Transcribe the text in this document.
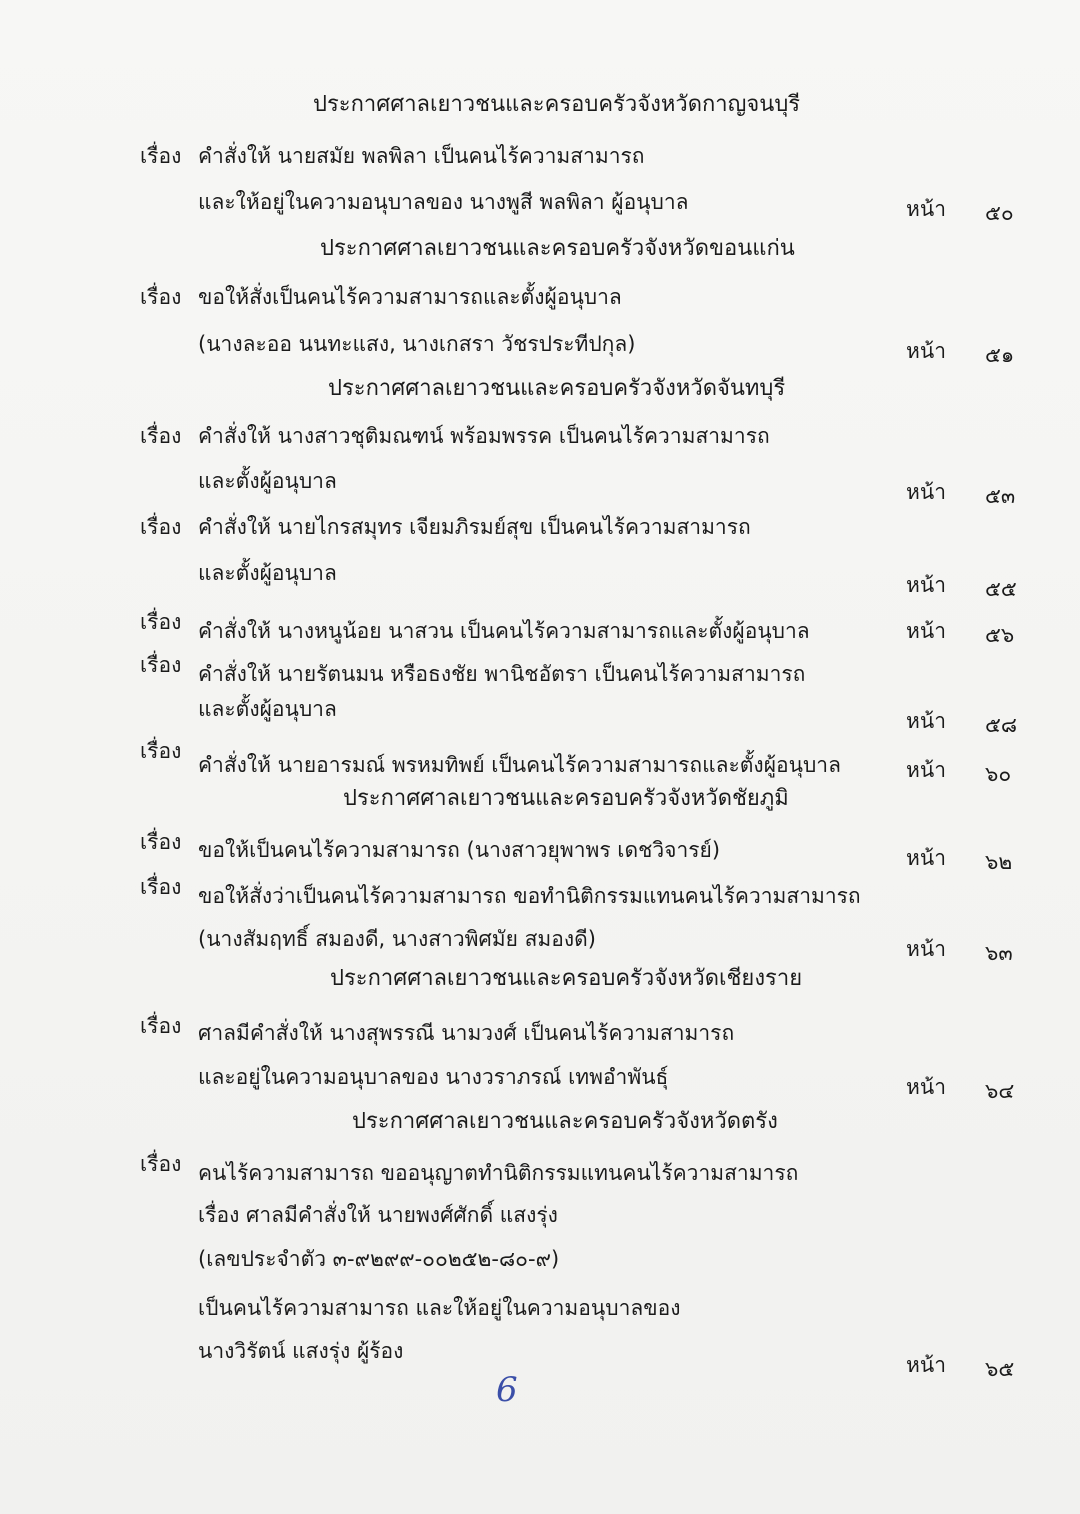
ประกาศศาลเยาวชนและครอบครัวจังหวัดกาญจนบุรี
เรื่อง คำสั่งให้ นายสมัย พลพิลา เป็นคนไร้ความสามารถ
และให้อยู่ในความอนุบาลของ นางพูสี พลพิลา ผู้อนุบาล	หน้า ๕๐
ประกาศศาลเยาวชนและครอบครัวจังหวัดขอนแก่น
เรื่อง ขอให้สั่งเป็นคนไร้ความสามารถและตั้งผู้อนุบาล
(นางละออ นนทะแสง, นางเกสรา วัชรประทีปกุล)	หน้า ๕๑
ประกาศศาลเยาวชนและครอบครัวจังหวัดจันทบุรี
เรื่อง คำสั่งให้ นางสาวชุติมณฑน์ พร้อมพรรค เป็นคนไร้ความสามารถ
และตั้งผู้อนุบาล	หน้า ๕๓
เรื่อง คำสั่งให้ นายไกรสมุทร เจียมภิรมย์สุข เป็นคนไร้ความสามารถ
และตั้งผู้อนุบาล	หน้า ๕๕
เรื่อง คำสั่งให้ นางหนูน้อย นาสวน เป็นคนไร้ความสามารถและตั้งผู้อนุบาล	หน้า ๕๖
เรื่อง คำสั่งให้ นายรัตนมน หรือธงชัย พานิชอัตรา เป็นคนไร้ความสามารถ
และตั้งผู้อนุบาล	หน้า ๕๘
เรื่อง
คำสั่งให้ นายอารมณ์ พรหมทิพย์ เป็นคนไร้ความสามารถและตั้งผู้อนุบาล	หน้า ๖๐
ประกาศศาลเยาวชนและครอบครัวจังหวัดชัยภูมิ
เรื่อง ขอให้เป็นคนไร้ความสามารถ (นางสาวยุพาพร เดชวิจารย์)	หน้า ๖๒
เรื่อง ขอให้สั่งว่าเป็นคนไร้ความสามารถ ขอทำนิติกรรมแทนคนไร้ความสามารถ
(นางสัมฤทธิ์ สมองดี, นางสาวพิศมัย สมองดี)	หน้า ๖๓
ประกาศศาลเยาวชนและครอบครัวจังหวัดเชียงราย
เรื่อง ศาลมีคำสั่งให้ นางสุพรรณี นามวงศ์ เป็นคนไร้ความสามารถ
และอยู่ในความอนุบาลของ นางวราภรณ์ เทพอำพันธุ์	หน้า ๖๔
ประกาศศาลเยาวชนและครอบครัวจังหวัดตรัง
เรื่อง คนไร้ความสามารถ ขออนุญาตทำนิติกรรมแทนคนไร้ความสามารถ
เรื่อง ศาลมีคำสั่งให้ นายพงศ์ศักดิ์ แสงรุ่ง
(เลขประจำตัว ๓-๙๒๙๙-๐๐๒๕๒-๘๐-๙)
เป็นคนไร้ความสามารถ และให้อยู่ในความอนุบาลของ
นางวิรัตน์ แสงรุ่ง ผู้ร้อง
หน้า ๖๕
6
